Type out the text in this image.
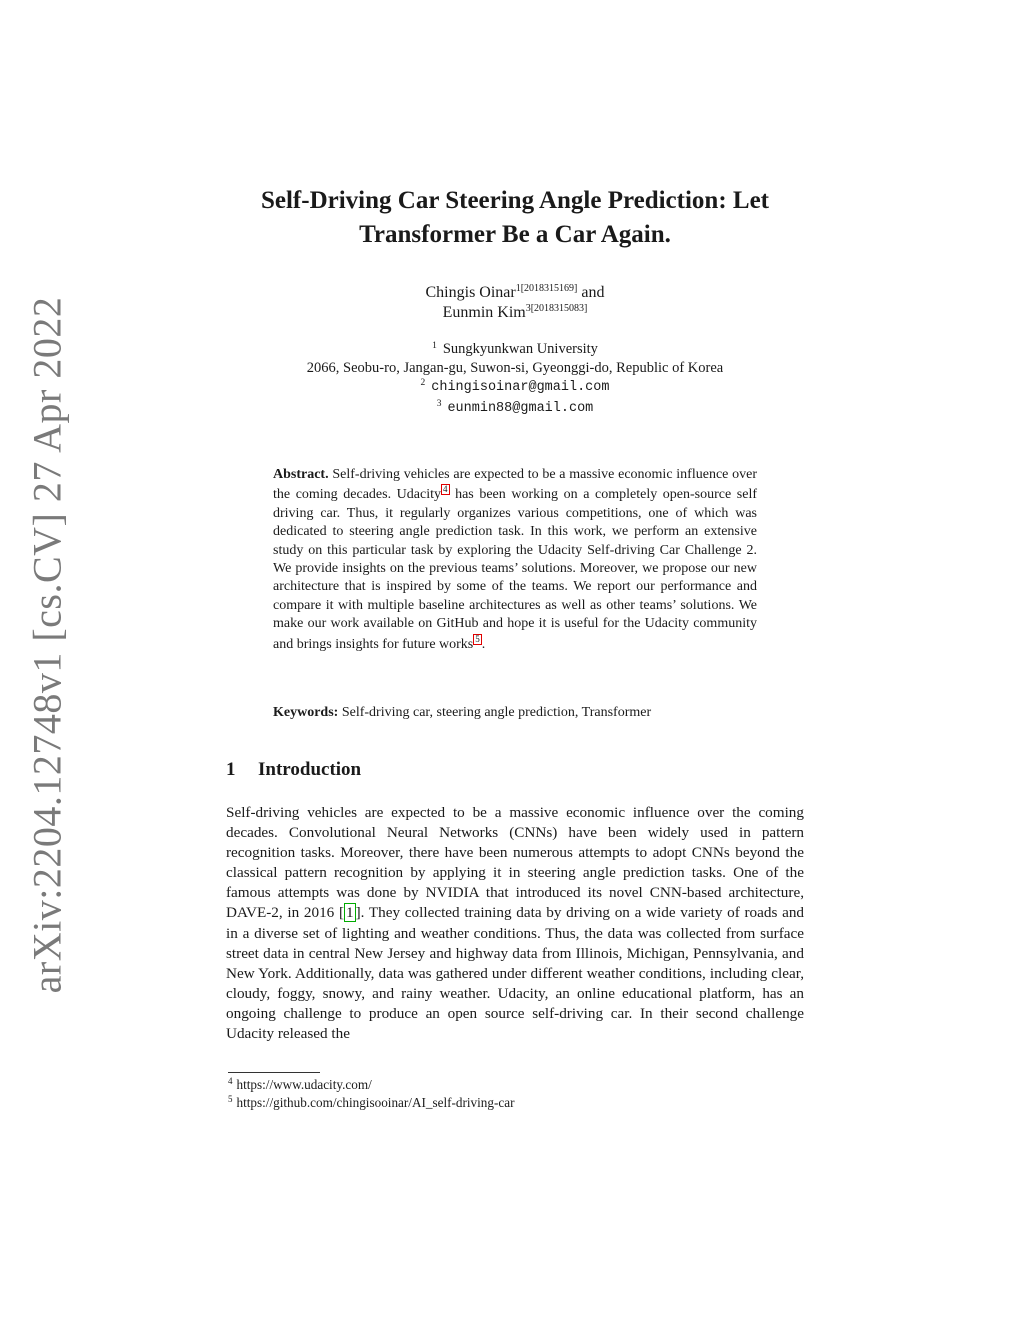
arXiv:2204.12748v1 [cs.CV] 27 Apr 2022
Self-Driving Car Steering Angle Prediction: Let
Transformer Be a Car Again.
Chingis Oinar$^{1[2018315169]}$ and
Eunmin Kim$^{3[2018315083]}$
$^1$ Sungkyunkwan University
2066, Seobu-ro, Jangan-gu, Suwon-si, Gyeonggi-do, Republic of Korea
$^2$ chingisoinar@gmail.com
$^3$ eunmin88@gmail.com

Abstract. Self-driving vehicles are expected to be a massive economic influence over the coming decades. Udacity 4 has been working on a completely open-source self driving car. Thus, it regularly organizes various competitions, one of which was dedicated to steering angle prediction task. In this work, we perform an extensive study on this particular task by exploring the Udacity Self-driving Car Challenge 2. We provide insights on the previous teams’ solutions. Moreover, we propose our new architecture that is inspired by some of the teams. We report our performance and compare it with multiple baseline architectures as well as other teams’ solutions. We make our work available on GitHub and hope it is useful for the Udacity community and brings insights for future works 5 .

Keywords: Self-driving car, steering angle prediction, Transformer
1 Introduction

Self-driving vehicles are expected to be a massive economic influence over the coming decades. Convolutional Neural Networks (CNNs) have been widely used in pattern recognition tasks. Moreover, there have been numerous attempts to adopt CNNs beyond the classical pattern recognition by applying it in steering angle prediction tasks. One of the famous attempts was done by NVIDIA that introduced its novel CNN-based architecture, DAVE-2, in 2016 [ 1 ]. They collected training data by driving on a wide variety of roads and in a diverse set of lighting and weather conditions. Thus, the data was collected from surface street data in central New Jersey and highway data from Illinois, Michigan, Pennsylvania, and New York. Additionally, data was gathered under different weather conditions, including clear, cloudy, foggy, snowy, and rainy weather. Udacity, an online educational platform, has an ongoing challenge to produce an open source self-driving car. In their second challenge Udacity released the

$^4$ https://www.udacity.com/
$^5$ https://github.com/chingisooinar/AI_self-driving-car
